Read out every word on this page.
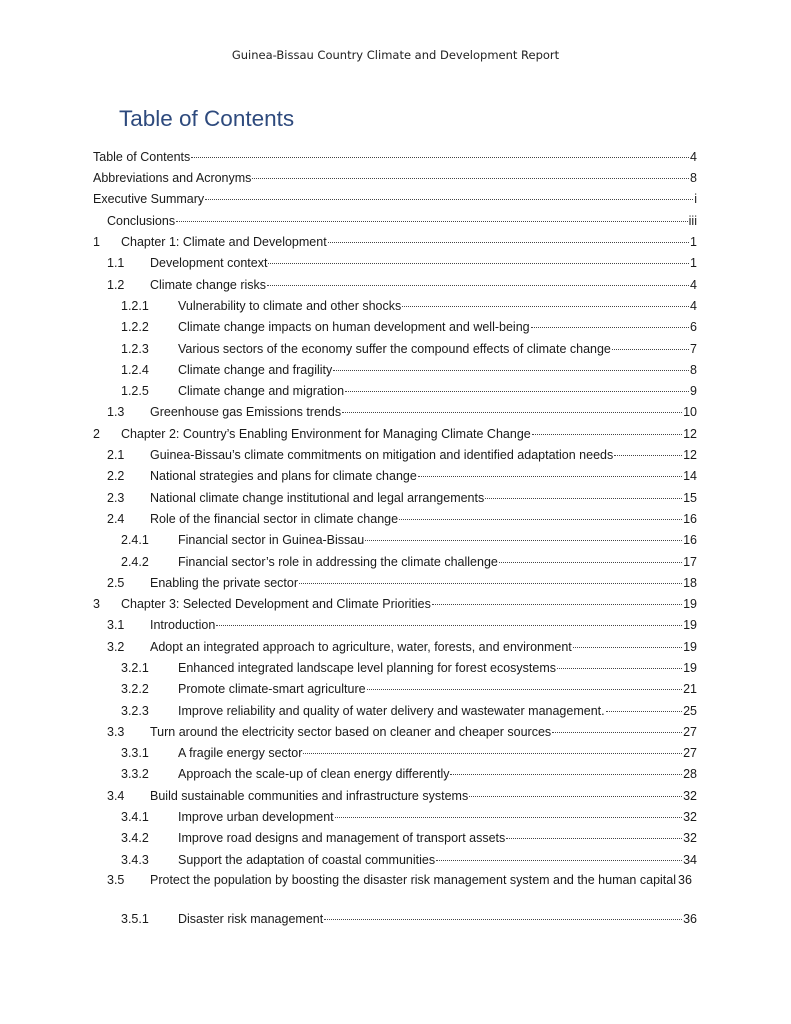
Guinea-Bissau Country Climate and Development Report
Table of Contents
Table of Contents	4
Abbreviations and Acronyms	8
Executive Summary	i
Conclusions	iii
1	Chapter 1: Climate and Development	1
1.1	Development context	1
1.2	Climate change risks	4
1.2.1	Vulnerability to climate and other shocks	4
1.2.2	Climate change impacts on human development and well-being	6
1.2.3	Various sectors of the economy suffer the compound effects of climate change	7
1.2.4	Climate change and fragility	8
1.2.5	Climate change and migration	9
1.3	Greenhouse gas Emissions trends	10
2	Chapter 2: Country’s Enabling Environment for Managing Climate Change	12
2.1	Guinea-Bissau’s climate commitments on mitigation and identified adaptation needs	12
2.2	National strategies and plans for climate change	14
2.3	National climate change institutional and legal arrangements	15
2.4	Role of the financial sector in climate change	16
2.4.1	Financial sector in Guinea-Bissau	16
2.4.2	Financial sector’s role in addressing the climate challenge	17
2.5	Enabling the private sector	18
3	Chapter 3: Selected Development and Climate Priorities	19
3.1	Introduction	19
3.2	Adopt an integrated approach to agriculture, water, forests, and environment	19
3.2.1	Enhanced integrated landscape level planning for forest ecosystems	19
3.2.2	Promote climate-smart agriculture	21
3.2.3	Improve reliability and quality of water delivery and wastewater management.	25
3.3	Turn around the electricity sector based on cleaner and cheaper sources	27
3.3.1	A fragile energy sector	27
3.3.2	Approach the scale-up of clean energy differently	28
3.4	Build sustainable communities and infrastructure systems	32
3.4.1	Improve urban development	32
3.4.2	Improve road designs and management of transport assets	32
3.4.3	Support the adaptation of coastal communities	34
3.5 Protect the population by boosting the disaster risk management system and the human capital 36
3.5.1	Disaster risk management	36
